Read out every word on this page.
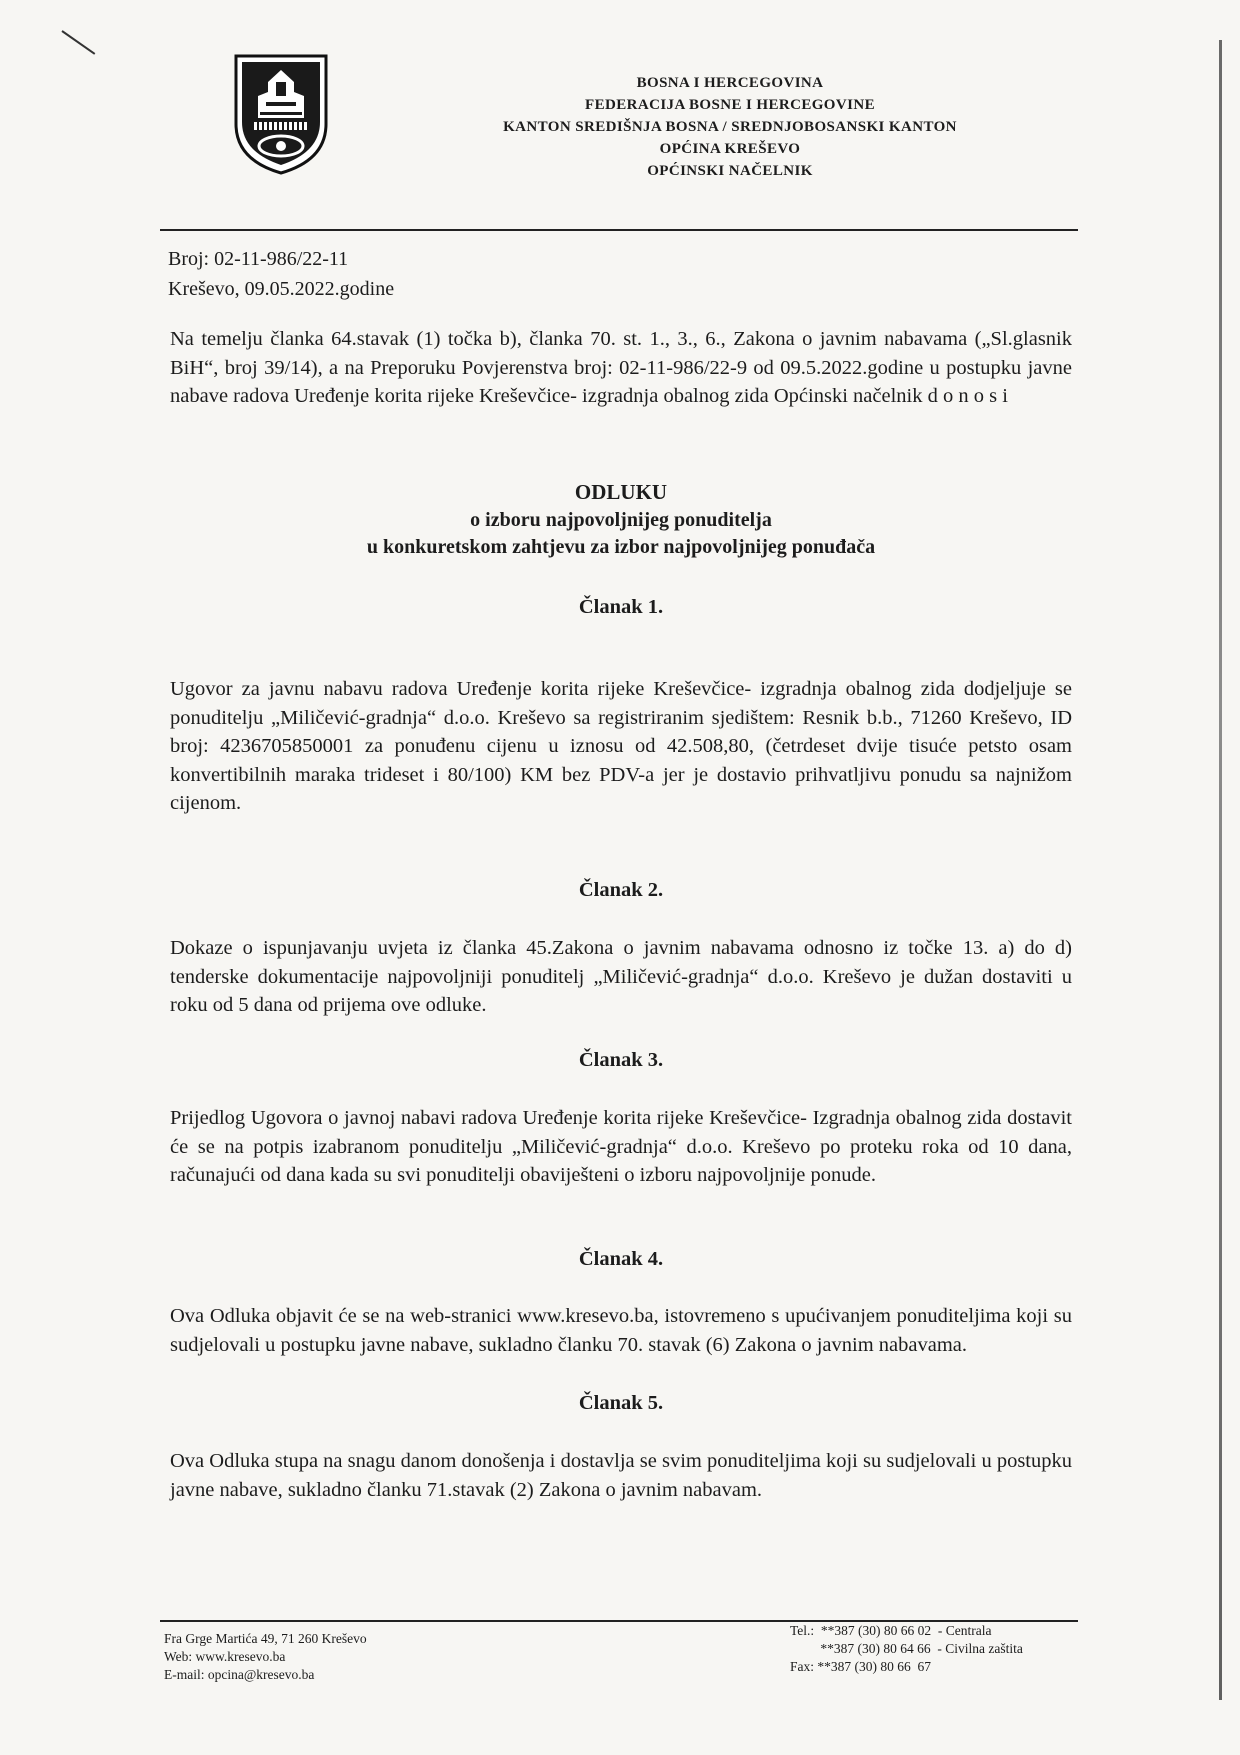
BOSNA I HERCEGOVINA
FEDERACIJA BOSNE I HERCEGOVINE
KANTON SREDIŠNJA BOSNA / SREDNJOBOSANSKI KANTON
OPĆINA KREŠEVO
OPĆINSKI NAČELNIK
Broj: 02-11-986/22-11
Kreševo, 09.05.2022.godine
Na temelju članka 64.stavak (1) točka b), članka 70. st. 1., 3., 6., Zakona o javnim nabavama („Sl.glasnik BiH“, broj 39/14), a na Preporuku Povjerenstva broj: 02-11-986/22-9 od 09.5.2022.godine u postupku javne nabave radova Uređenje korita rijeke Kreševčice- izgradnja obalnog zida Općinski načelnik d o n o s i
ODLUKU
o izboru najpovoljnijeg ponuditelja
u konkuretskom zahtjevu za izbor najpovoljnijeg ponuđača
Članak 1.
Ugovor za javnu nabavu radova Uređenje korita rijeke Kreševčice- izgradnja obalnog zida dodjeljuje se ponuditelju „Miličević-gradnja“ d.o.o. Kreševo sa registriranim sjedištem: Resnik b.b., 71260 Kreševo, ID broj: 4236705850001 za ponuđenu cijenu u iznosu od 42.508,80, (četrdeset dvije tisuće petsto osam konvertibilnih maraka trideset i 80/100) KM bez PDV-a jer je dostavio prihvatljivu ponudu sa najnižom cijenom.
Članak 2.
Dokaze o ispunjavanju uvjeta iz članka 45.Zakona o javnim nabavama odnosno iz točke 13. a) do d) tenderske dokumentacije najpovoljniji ponuditelj „Miličević-gradnja“ d.o.o. Kreševo je dužan dostaviti u roku od 5 dana od prijema ove odluke.
Članak 3.
Prijedlog Ugovora o javnoj nabavi radova Uređenje korita rijeke Kreševčice- Izgradnja obalnog zida dostavit će se na potpis izabranom ponuditelju „Miličević-gradnja“ d.o.o. Kreševo po proteku roka od 10 dana, računajući od dana kada su svi ponuditelji obaviješteni o izboru najpovoljnije ponude.
Članak 4.
Ova Odluka objavit će se na web-stranici www.kresevo.ba, istovremeno s upućivanjem ponuditeljima koji su sudjelovali u postupku javne nabave, sukladno članku 70. stavak (6) Zakona o javnim nabavama.
Članak 5.
Ova Odluka stupa na snagu danom donošenja i dostavlja se svim ponuditeljima koji su sudjelovali u postupku javne nabave, sukladno članku 71.stavak (2) Zakona o javnim nabavam.
Fra Grge Martića 49, 71 260 Kreševo
Web: www.kresevo.ba
E-mail: opcina@kresevo.ba
Tel.:  **387 (30) 80 66 02  - Centrala
**387 (30) 80 64 66  - Civilna zaštita
Fax: **387 (30) 80 66  67
